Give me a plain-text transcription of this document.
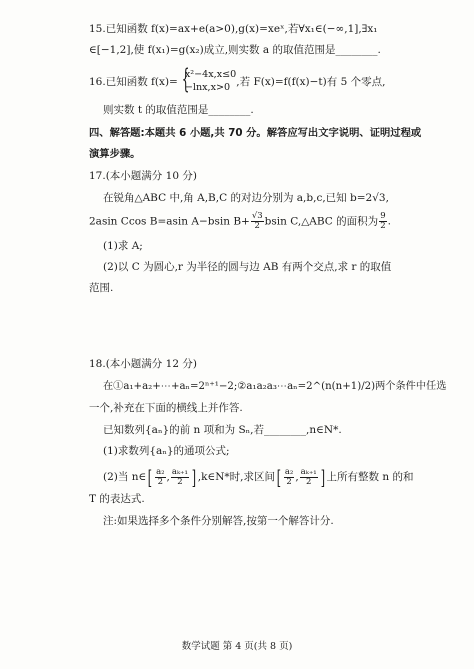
15.已知函数 f(x)=ax+e(a>0),g(x)=xeˣ,若∀x₁∈(−∞,1],∃x₁
∈[−1,2],使 f(x₁)=g(x₂)成立,则实数 a 的取值范围是________.
16.已知函数 f(x)= {
x²−4x,x≤0
−lnx,x>0 ,若 F(x)=f(f(x)−t)有 5 个零点,
则实数 t 的取值范围是________.
四、解答题:本题共 6 小题,共 70 分。解答应写出文字说明、证明过程或
演算步骤。
17.(本小题满分 10 分)
在锐角△ABC 中,角 A,B,C 的对边分别为 a,b,c,已知 b=2√3,
2asin Ccos B=asin A−bsin $B+ \frac{√3}{2}$ bsin C,△ABC 的面积为 $\frac{9}{2}$ .
(1)求 A;
(2)以 C 为圆心,r 为半径的圆与边 AB 有两个交点,求 r 的取值
范围.
18.(本小题满分 12 分)
在①a₁+a₂+⋯+aₙ=2ⁿ⁺¹−2;②a₁a₂a₃⋯aₙ=2^(n(n+1)/2)两个条件中任选
一个,补充在下面的横线上并作答.
已知数列{aₙ}的前 n 项和为 Sₙ,若________,n∈N*.
(1)求数列{aₙ}的通项公式;
(2)当 n∈[ $\frac{\text{a₂}}{2}$ , $\frac{\text{aₖ₊₁}}{2}$ ] ,k∈N*时,求区间[ $\frac{\text{a₂}}{2}$ , $\frac{\text{aₖ₊₁}}{2}$ ] 上所有整数 n 的和
T 的表达式.
注:如果选择多个条件分别解答,按第一个解答计分.
数学试题 第 4 页(共 8 页)
